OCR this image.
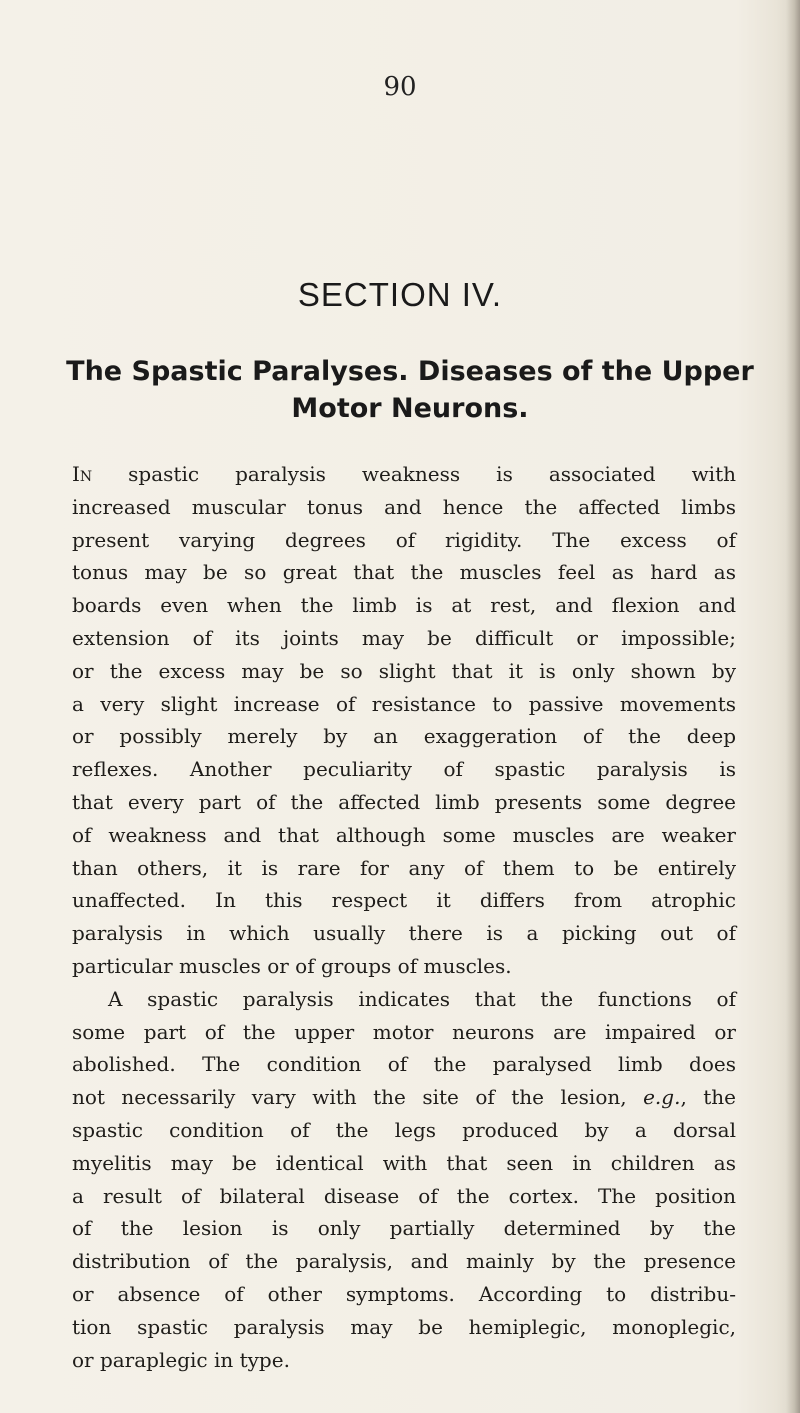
90
SECTION IV.
The Spastic Paralyses. Diseases of the Upper
Motor Neurons.
In spastic paralysis weakness is associated with
increased muscular tonus and hence the affected limbs
present varying degrees of rigidity. The excess of
tonus may be so great that the muscles feel as hard as
boards even when the limb is at rest, and flexion and
extension of its joints may be difficult or impossible;
or the excess may be so slight that it is only shown by
a very slight increase of resistance to passive movements
or possibly merely by an exaggeration of the deep
reflexes. Another peculiarity of spastic paralysis is
that every part of the affected limb presents some degree
of weakness and that although some muscles are weaker
than others, it is rare for any of them to be entirely
unaffected. In this respect it differs from atrophic
paralysis in which usually there is a picking out of
particular muscles or of groups of muscles.
A spastic paralysis indicates that the functions of
some part of the upper motor neurons are impaired or
abolished. The condition of the paralysed limb does
not necessarily vary with the site of the lesion, e.g., the
spastic condition of the legs produced by a dorsal
myelitis may be identical with that seen in children as
a result of bilateral disease of the cortex. The position
of the lesion is only partially determined by the
distribution of the paralysis, and mainly by the presence
or absence of other symptoms. According to distribu-
tion spastic paralysis may be hemiplegic, monoplegic,
or paraplegic in type.
